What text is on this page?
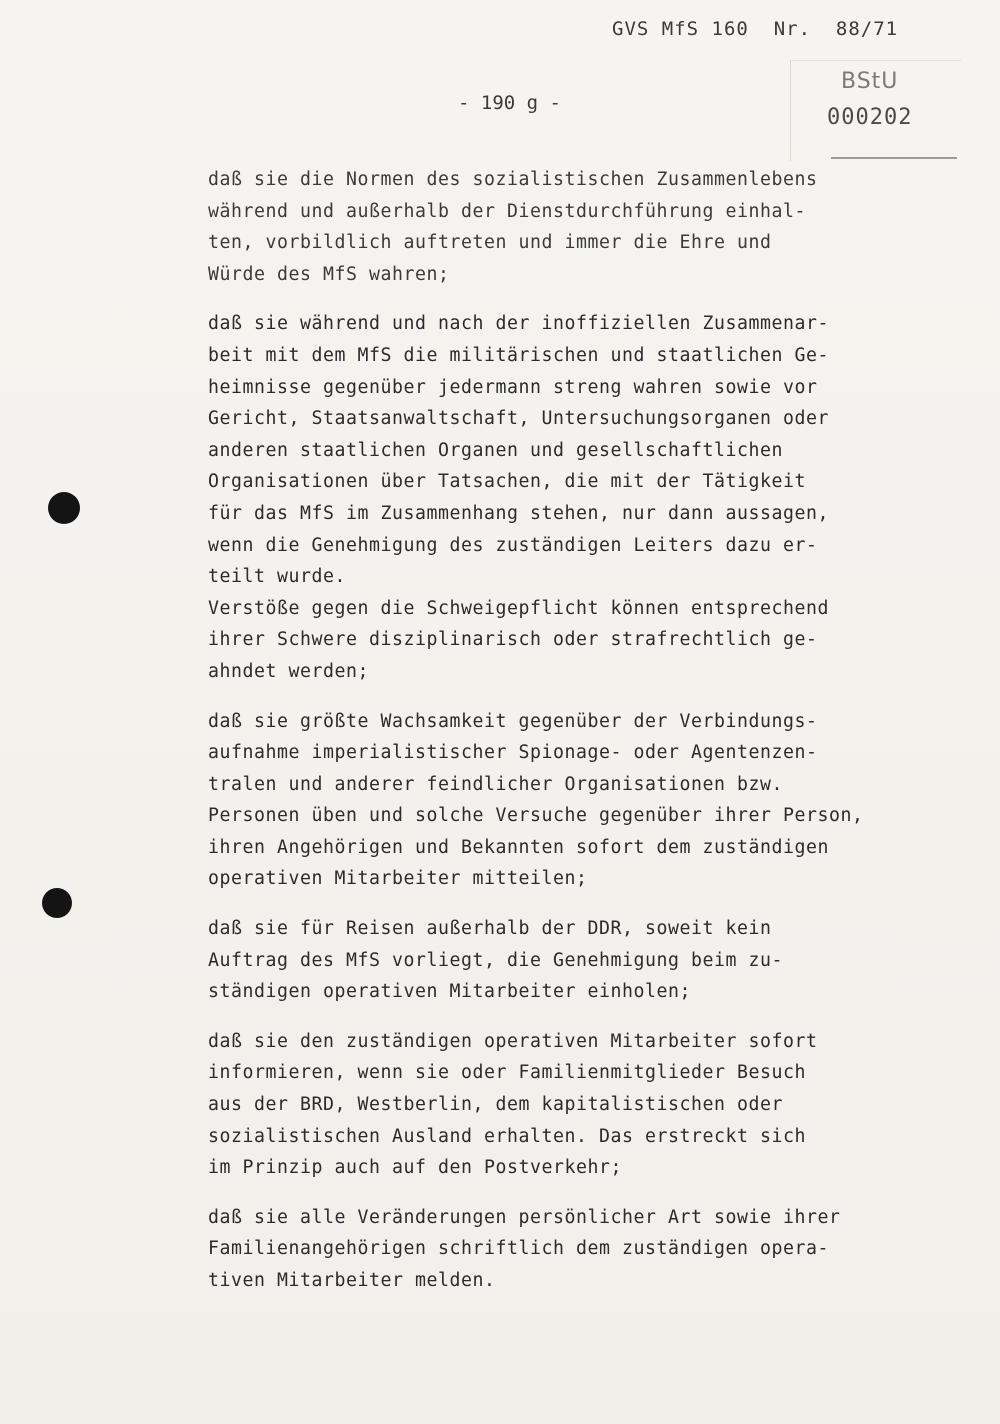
GVS MfS 160  Nr.  88/71
- 190 g -
BStU
000202
daß sie die Normen des sozialistischen Zusammenlebens
während und außerhalb der Dienstdurchführung einhal-
ten, vorbildlich auftreten und immer die Ehre und
Würde des MfS wahren;
daß sie während und nach der inoffiziellen Zusammenar-
beit mit dem MfS die militärischen und staatlichen Ge-
heimnisse gegenüber jedermann streng wahren sowie vor
Gericht, Staatsanwaltschaft, Untersuchungsorganen oder
anderen staatlichen Organen und gesellschaftlichen
Organisationen über Tatsachen, die mit der Tätigkeit
für das MfS im Zusammenhang stehen, nur dann aussagen,
wenn die Genehmigung des zuständigen Leiters dazu er-
teilt wurde.
Verstöße gegen die Schweigepflicht können entsprechend
ihrer Schwere disziplinarisch oder strafrechtlich ge-
ahndet werden;
daß sie größte Wachsamkeit gegenüber der Verbindungs-
aufnahme imperialistischer Spionage- oder Agentenzen-
tralen und anderer feindlicher Organisationen bzw.
Personen üben und solche Versuche gegenüber ihrer Person,
ihren Angehörigen und Bekannten sofort dem zuständigen
operativen Mitarbeiter mitteilen;
daß sie für Reisen außerhalb der DDR, soweit kein
Auftrag des MfS vorliegt, die Genehmigung beim zu-
ständigen operativen Mitarbeiter einholen;
daß sie den zuständigen operativen Mitarbeiter sofort
informieren, wenn sie oder Familienmitglieder Besuch
aus der BRD, Westberlin, dem kapitalistischen oder
sozialistischen Ausland erhalten. Das erstreckt sich
im Prinzip auch auf den Postverkehr;
daß sie alle Veränderungen persönlicher Art sowie ihrer
Familienangehörigen schriftlich dem zuständigen opera-
tiven Mitarbeiter melden.
